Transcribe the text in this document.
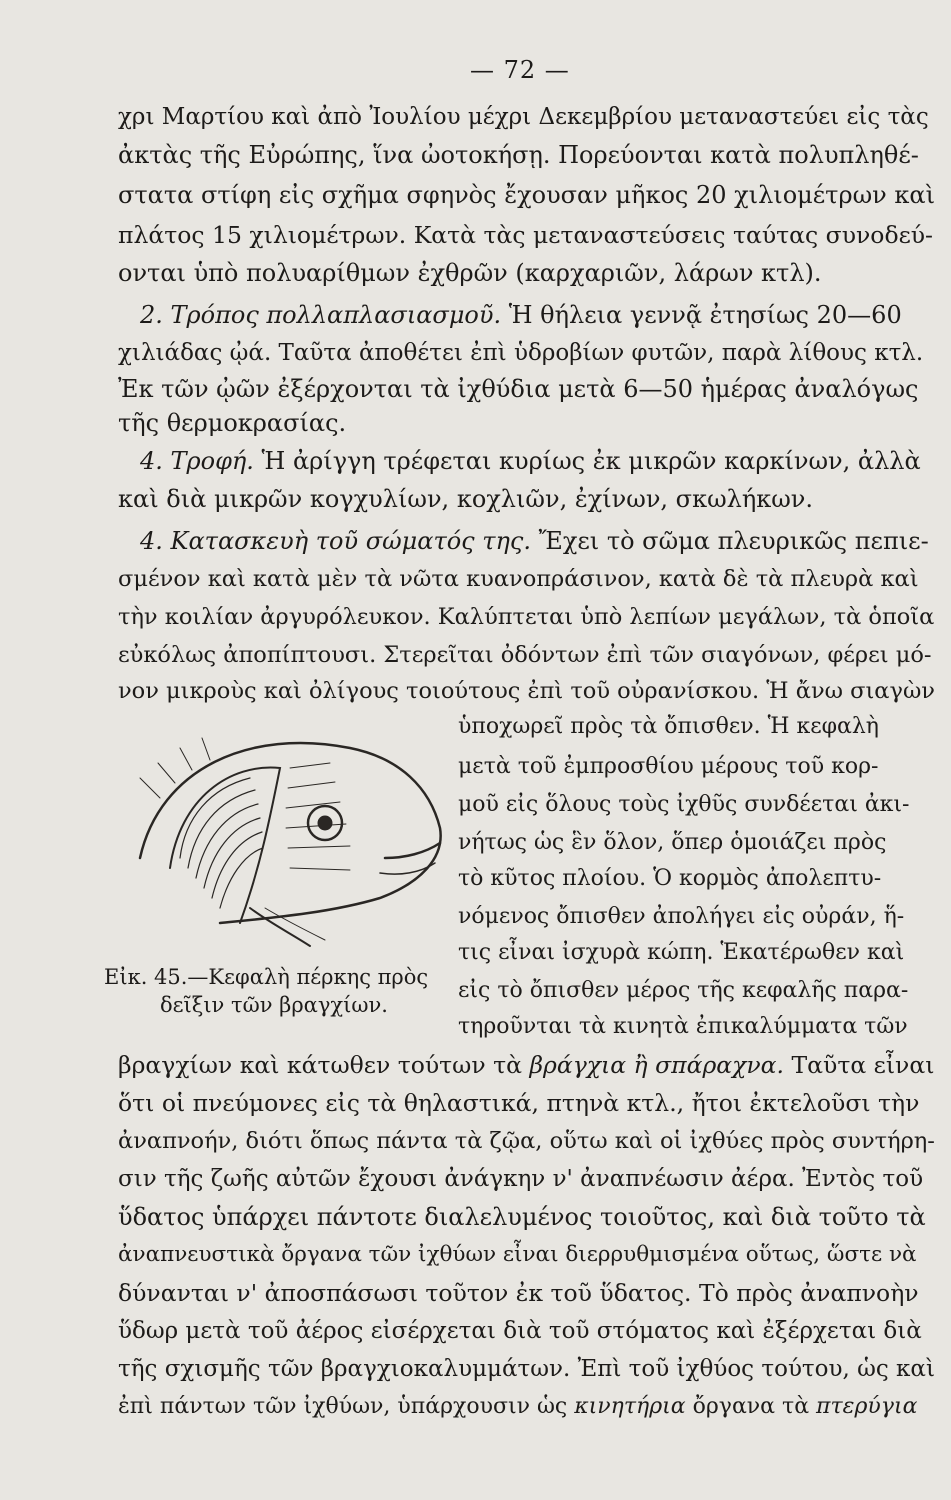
— 72 —
χρι Μαρτίου καὶ ἀπὸ Ἰουλίου μέχρι Δεκεμβρίου μεταναστεύει εἰς τὰς
ἀκτὰς τῆς Εὐρώπης, ἵνα ὠοτοκήσῃ. Πορεύονται κατὰ πολυπληθέ-
στατα στίφη εἰς σχῆμα σφηνὸς ἔχουσαν μῆκος 20 χιλιομέτρων καὶ
πλάτος 15 χιλιομέτρων. Κατὰ τὰς μεταναστεύσεις ταύτας συνοδεύ-
ονται ὑπὸ πολυαρίθμων ἐχθρῶν (καρχαριῶν, λάρων κτλ).
2. Τρόπος πολλαπλασιασμοῦ. Ἡ θήλεια γεννᾷ ἐτησίως 20—60
χιλιάδας ᾠά. Ταῦτα ἀποθέτει ἐπὶ ὑδροβίων φυτῶν, παρὰ λίθους κτλ.
Ἐκ τῶν ᾠῶν ἐξέρχονται τὰ ἰχθύδια μετὰ 6—50 ἡμέρας ἀναλόγως
τῆς θερμοκρασίας.
4. Τροφή. Ἡ ἀρίγγη τρέφεται κυρίως ἐκ μικρῶν καρκίνων, ἀλλὰ
καὶ διὰ μικρῶν κογχυλίων, κοχλιῶν, ἐχίνων, σκωλήκων.
4. Κατασκευὴ τοῦ σώματός της. Ἔχει τὸ σῶμα πλευρικῶς πεπιε-
σμένον καὶ κατὰ μὲν τὰ νῶτα κυανοπράσινον, κατὰ δὲ τὰ πλευρὰ καὶ
τὴν κοιλίαν ἀργυρόλευκον. Καλύπτεται ὑπὸ λεπίων μεγάλων, τὰ ὁποῖα
εὐκόλως ἀποπίπτουσι. Στερεῖται ὀδόντων ἐπὶ τῶν σιαγόνων, φέρει μό-
νον μικροὺς καὶ ὀλίγους τοιούτους ἐπὶ τοῦ οὐρανίσκου. Ἡ ἄνω σιαγὼν
ὑποχωρεῖ πρὸς τὰ ὄπισθεν. Ἡ κεφαλὴ
μετὰ τοῦ ἐμπροσθίου μέρους τοῦ κορ-
μοῦ εἰς ὅλους τοὺς ἰχθῦς συνδέεται ἀκι-
νήτως ὡς ἓν ὅλον, ὅπερ ὁμοιάζει πρὸς
τὸ κῦτος πλοίου. Ὁ κορμὸς ἀπολεπτυ-
νόμενος ὄπισθεν ἀπολήγει εἰς οὐράν, ἥ-
τις εἶναι ἰσχυρὰ κώπη. Ἑκατέρωθεν καὶ
εἰς τὸ ὄπισθεν μέρος τῆς κεφαλῆς παρα-
τηροῦνται τὰ κινητὰ ἐπικαλύμματα τῶν
Εἰκ. 45.—Κεφαλὴ πέρκης πρὸς
δεῖξιν τῶν βραγχίων.
βραγχίων καὶ κάτωθεν τούτων τὰ βράγχια ἢ σπάραχνα. Ταῦτα εἶναι
ὅτι οἱ πνεύμονες εἰς τὰ θηλαστικά, πτηνὰ κτλ., ἤτοι ἐκτελοῦσι τὴν
ἀναπνοήν, διότι ὅπως πάντα τὰ ζῷα, οὕτω καὶ οἱ ἰχθύες πρὸς συντήρη-
σιν τῆς ζωῆς αὐτῶν ἔχουσι ἀνάγκην ν' ἀναπνέωσιν ἀέρα. Ἐντὸς τοῦ
ὕδατος ὑπάρχει πάντοτε διαλελυμένος τοιοῦτος, καὶ διὰ τοῦτο τὰ
ἀναπνευστικὰ ὄργανα τῶν ἰχθύων εἶναι διερρυθμισμένα οὕτως, ὥστε νὰ
δύνανται ν' ἀποσπάσωσι τοῦτον ἐκ τοῦ ὕδατος. Τὸ πρὸς ἀναπνοὴν
ὕδωρ μετὰ τοῦ ἀέρος εἰσέρχεται διὰ τοῦ στόματος καὶ ἐξέρχεται διὰ
τῆς σχισμῆς τῶν βραγχιοκαλυμμάτων. Ἐπὶ τοῦ ἰχθύος τούτου, ὡς καὶ
ἐπὶ πάντων τῶν ἰχθύων, ὑπάρχουσιν ὡς κινητήρια ὄργανα τὰ πτερύγια
